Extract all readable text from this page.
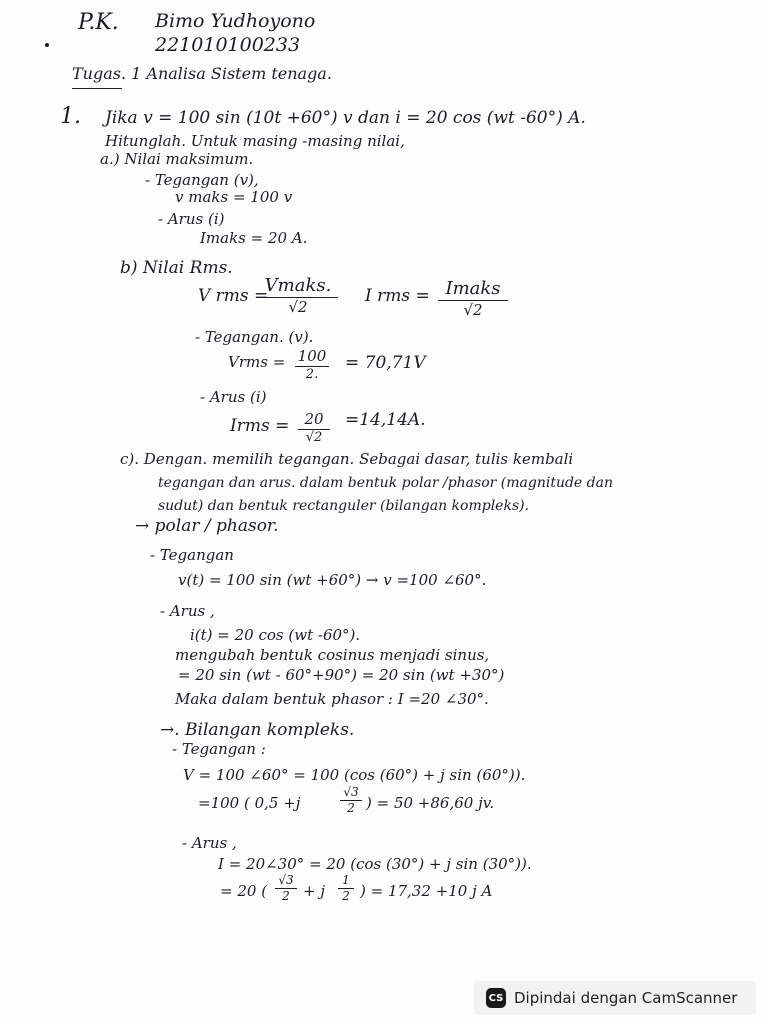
P.K. Bimo Yudhoyono
221010100233
Tugas. 1 Analisa Sistem tenaga.
1. Jika v = 100 sin (10t +60°) v dan i = 20 cos (wt -60°) A.
Hitunglah. Untuk masing -masing nilai,
a.) Nilai maksimum.
- Tegangan (v),
v maks = 100 v
- Arus (i)
Imaks = 20 A.
b) Nilai Rms.
V rms =
Vmaks.
√2
I rms = Imaks
√2
- Tegangan. (v).
Vrms = 100
2.
= 70,71V
- Arus (i)
Irms =	20
√2
=14,14A.
c). Dengan. memilih tegangan. Sebagai dasar, tulis kembali
tegangan dan arus. dalam bentuk polar /phasor (magnitude dan
sudut) dan bentuk rectanguler (bilangan kompleks).
→ polar / phasor.
- Tegangan
v(t) = 100 sin (wt +60°) → v =100 ∠60°.
- Arus ,
i(t) = 20 cos (wt -60°).
mengubah bentuk cosinus menjadi sinus,
= 20 sin (wt - 60°+90°) = 20 sin (wt +30°)
Maka dalam bentuk phasor : I =20 ∠30°.
→. Bilangan kompleks.
- Tegangan :
V = 100 ∠60° = 100 (cos (60°) + j sin (60°)).
=100 ( 0,5 +j
√3
2 ) = 50 +86,60 jv.
- Arus ,
I = 20∠30° = 20 (cos (30°) + j sin (30°)).
= 20 (
√3
2 + j
1
2 ) = 17,32 +10 j A
CS Dipindai dengan CamScanner
